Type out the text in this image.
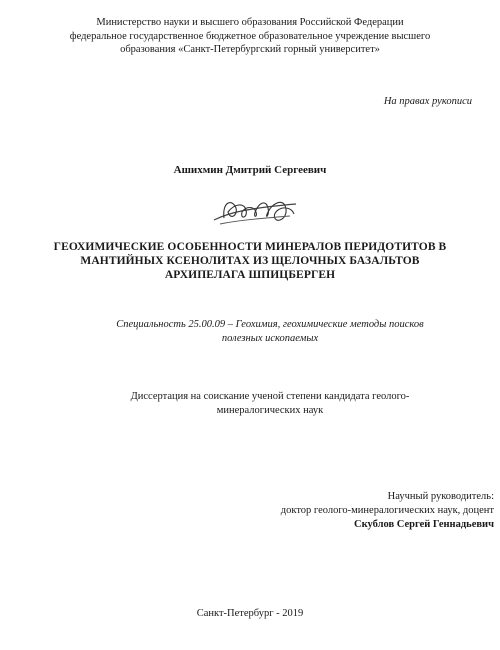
Министерство науки и высшего образования Российской Федерации
федеральное государственное бюджетное образовательное учреждение высшего
образования «Санкт-Петербургский горный университет»
На правах рукописи
Ашихмин Дмитрий Сергеевич
ГЕОХИМИЧЕСКИЕ ОСОБЕННОСТИ МИНЕРАЛОВ ПЕРИДОТИТОВ В
МАНТИЙНЫХ КСЕНОЛИТАХ ИЗ ЩЕЛОЧНЫХ БАЗАЛЬТОВ
АРХИПЕЛАГА ШПИЦБЕРГЕН
Специальность 25.00.09 – Геохимия, геохимические методы поисков
полезных ископаемых
Диссертация на соискание ученой степени кандидата геолого-
минералогических наук
Научный руководитель:
доктор геолого-минералогических наук, доцент
Скублов Сергей Геннадьевич
Санкт-Петербург - 2019
